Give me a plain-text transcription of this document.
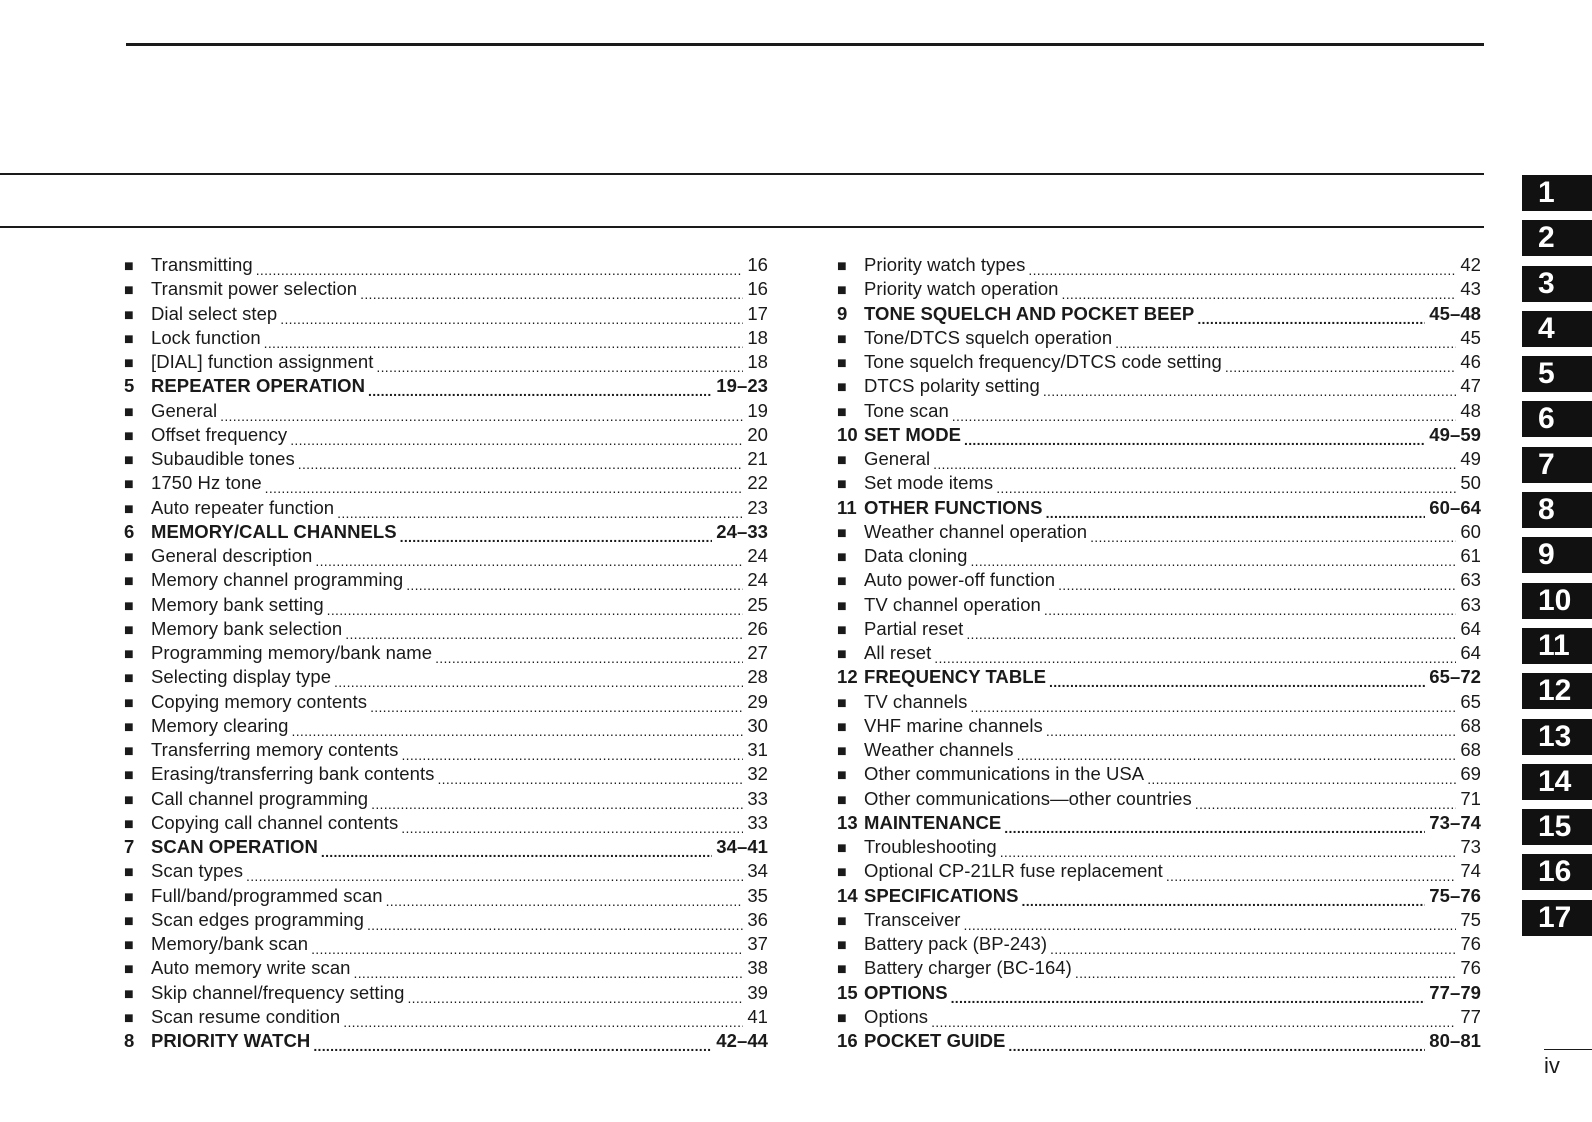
■ Transmitting .....	16
■ Transmit power selection .....	16
■ Dial select step .....	17
■ Lock function .....	18
■ [DIAL] function assignment .....	18
5 REPEATER OPERATION .....	19–23
■ General .....	19
■ Offset frequency .....	20
■ Subaudible tones .....	21
■ 1750 Hz tone .....	22
■ Auto repeater function .....	23
6 MEMORY/CALL CHANNELS .....	24–33
■ General description .....	24
■ Memory channel programming .....	24
■ Memory bank setting .....	25
■ Memory bank selection .....	26
■ Programming memory/bank name .....	27
■ Selecting display type .....	28
■ Copying memory contents .....	29
■ Memory clearing .....	30
■ Transferring memory contents .....	31
■ Erasing/transferring bank contents .....	32
■ Call channel programming .....	33
■ Copying call channel contents .....	33
7 SCAN OPERATION .....	34–41
■ Scan types .....	34
■ Full/band/programmed scan .....	35
■ Scan edges programming .....	36
■ Memory/bank scan .....	37
■ Auto memory write scan .....	38
■ Skip channel/frequency setting .....	39
■ Scan resume condition .....	41
8 PRIORITY WATCH .....	42–44
■ Priority watch types .....	42
■ Priority watch operation .....	43
9 TONE SQUELCH AND POCKET BEEP .....	45–48
■ Tone/DTCS squelch operation .....	45
■ Tone squelch frequency/DTCS code setting .....	46
■ DTCS polarity setting .....	47
■ Tone scan .....	48
10 SET MODE .....	49–59
■ General .....	49
■ Set mode items .....	50
11 OTHER FUNCTIONS .....	60–64
■ Weather channel operation .....	60
■ Data cloning .....	61
■ Auto power-off function .....	63
■ TV channel operation .....	63
■ Partial reset .....	64
■ All reset .....	64
12 FREQUENCY TABLE .....	65–72
■ TV channels .....	65
■ VHF marine channels .....	68
■ Weather channels .....	68
■ Other communications in the USA .....	69
■ Other communications—other countries .....	71
13 MAINTENANCE .....	73–74
■ Troubleshooting .....	73
■ Optional CP-21LR fuse replacement .....	74
14 SPECIFICATIONS .....	75–76
■ Transceiver .....	75
■ Battery pack (BP-243) .....	76
■ Battery charger (BC-164) .....	76
15 OPTIONS .....	77–79
■ Options .....	77
16 POCKET GUIDE .....	80–81
1
2
3
4
5
6
7
8
9
10
11
12
13
14
15
16
17
iv
